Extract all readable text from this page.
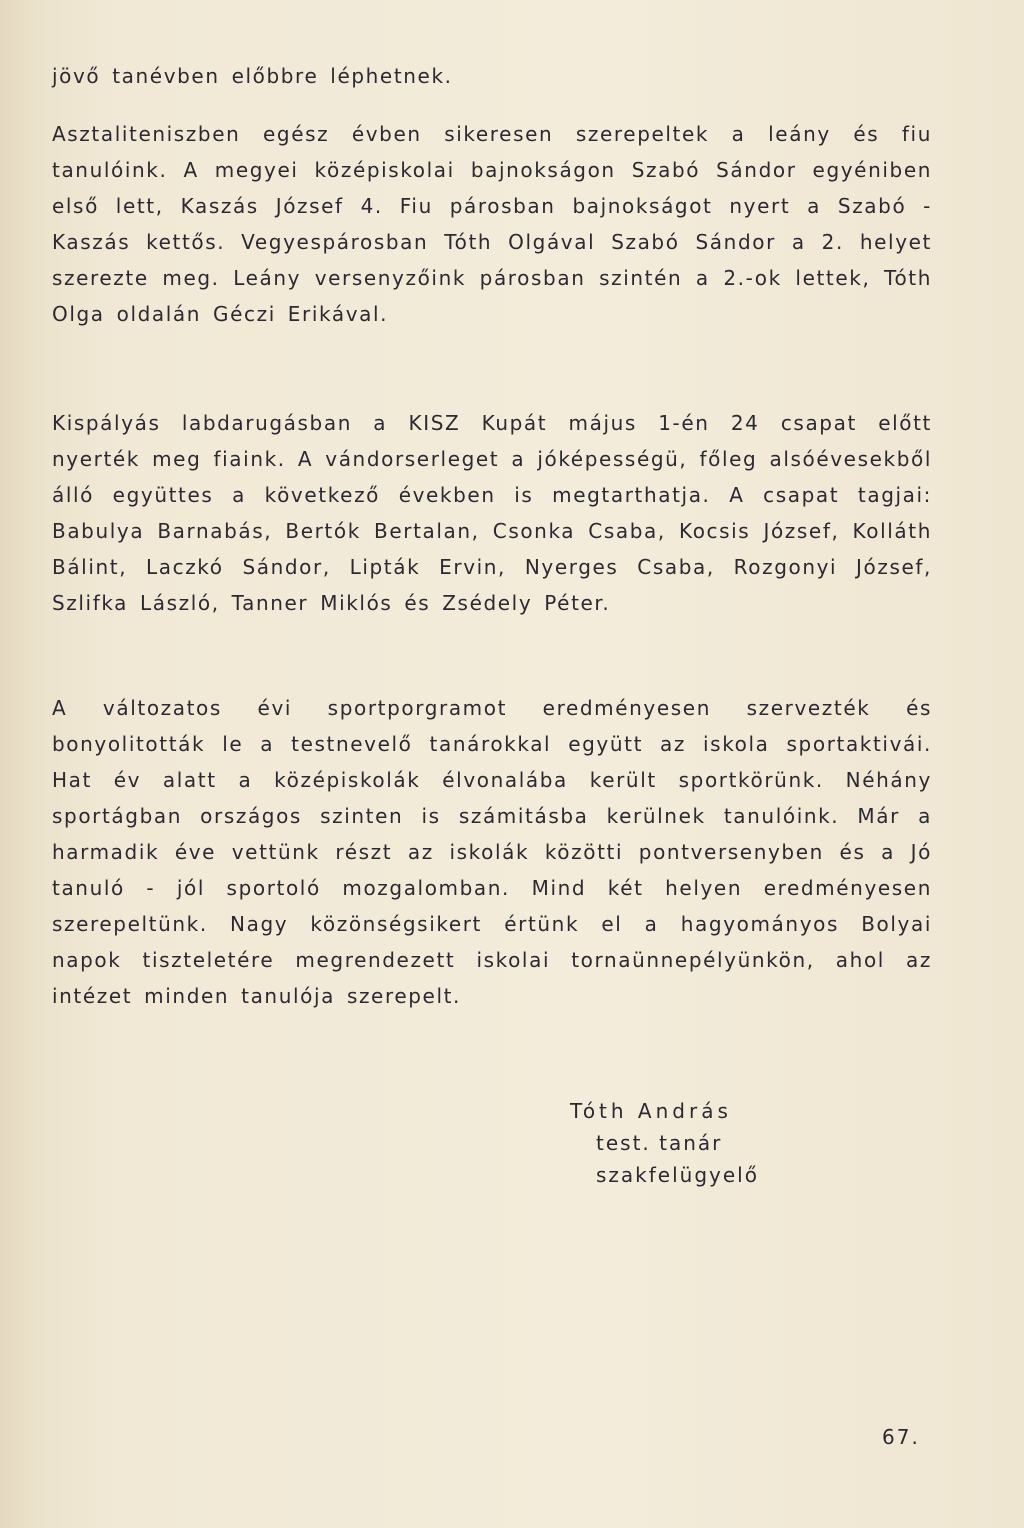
jövő tanévben előbbre léphetnek.

Asztaliteniszben egész évben sikeresen szerepeltek a leány és fiu tanulóink. A megyei középiskolai bajnokságon Szabó Sándor egyéniben első lett, Kaszás József 4. Fiu párosban bajnokságot nyert a Szabó - Kaszás kettős. Vegyespárosban Tóth Olgával Szabó Sándor a 2. helyet szerezte meg. Leány versenyzőink párosban szintén a 2.-ok lettek, Tóth Olga oldalán Géczi Erikával.

Kispályás labdarugásban a KISZ Kupát május 1-én 24 csapat előtt nyerték meg fiaink. A vándorserleget a jóképességü, főleg alsóévesekből álló együttes a következő években is megtarthatja. A csapat tagjai: Babulya Barnabás, Bertók Bertalan, Csonka Csaba, Kocsis József, Kolláth Bálint, Laczkó Sándor, Lipták Ervin, Nyerges Csaba, Rozgonyi József, Szlifka László, Tanner Miklós és Zsédely Péter.

A változatos évi sportporgramot eredményesen szervezték és bonyolitották le a testnevelő tanárokkal együtt az iskola sportaktivái. Hat év alatt a középiskolák élvonalába került sportkörünk. Néhány sportágban országos szinten is számitásba kerülnek tanulóink. Már a harmadik éve vettünk részt az iskolák közötti pontversenyben és a Jó tanuló - jól sportoló mozgalomban. Mind két helyen eredményesen szerepeltünk. Nagy közönségsikert értünk el a hagyományos Bolyai napok tiszteletére megrendezett iskolai tornaünnepélyünkön, ahol az intézet minden tanulója szerepelt.

Tóth András
test. tanár
szakfelügyelő
67.
